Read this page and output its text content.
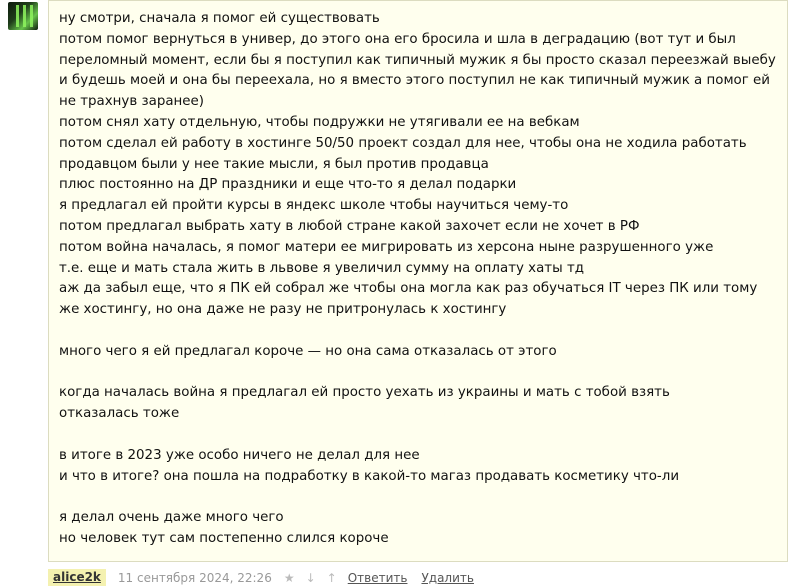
ну смотри, сначала я помог ей существовать
потом помог вернуться в универ, до этого она его бросила и шла в деградацию (вот тут и был переломный момент, если бы я поступил как типичный мужик я бы просто сказал переезжай выебу и будешь моей и она бы переехала, но я вместо этого поступил не как типичный мужик а помог ей не трахнув заранее)
потом снял хату отдельную, чтобы подружки не утягивали ее на вебкам
потом сделал ей работу в хостинге 50/50 проект создал для нее, чтобы она не ходила работать продавцом были у нее такие мысли, я был против продавца
плюс постоянно на ДР праздники и еще что-то я делал подарки
я предлагал ей пройти курсы в яндекс школе чтобы научиться чему-то
потом предлагал выбрать хату в любой стране какой захочет если не хочет в РФ
потом война началась, я помог матери ее мигрировать из херсона ныне разрушенного уже
т.е. еще и мать стала жить в львове я увеличил сумму на оплату хаты тд
аж да забыл еще, что я ПК ей собрал же чтобы она могла как раз обучаться IT через ПК или тому же хостингу, но она даже не разу не притронулась к хостингу
много чего я ей предлагал короче — но она сама отказалась от этого
когда началась война я предлагал ей просто уехать из украины и мать с тобой взять
отказалась тоже
в итоге в 2023 уже особо ничего не делал для нее
и что в итоге? она пошла на подработку в какой-то магаз продавать косметику что-ли
я делал очень даже много чего
но человек тут сам постепенно слился короче
alice2k	11 сентября 2024, 22:26 ★ ↓ ↑ Ответить Удалить
